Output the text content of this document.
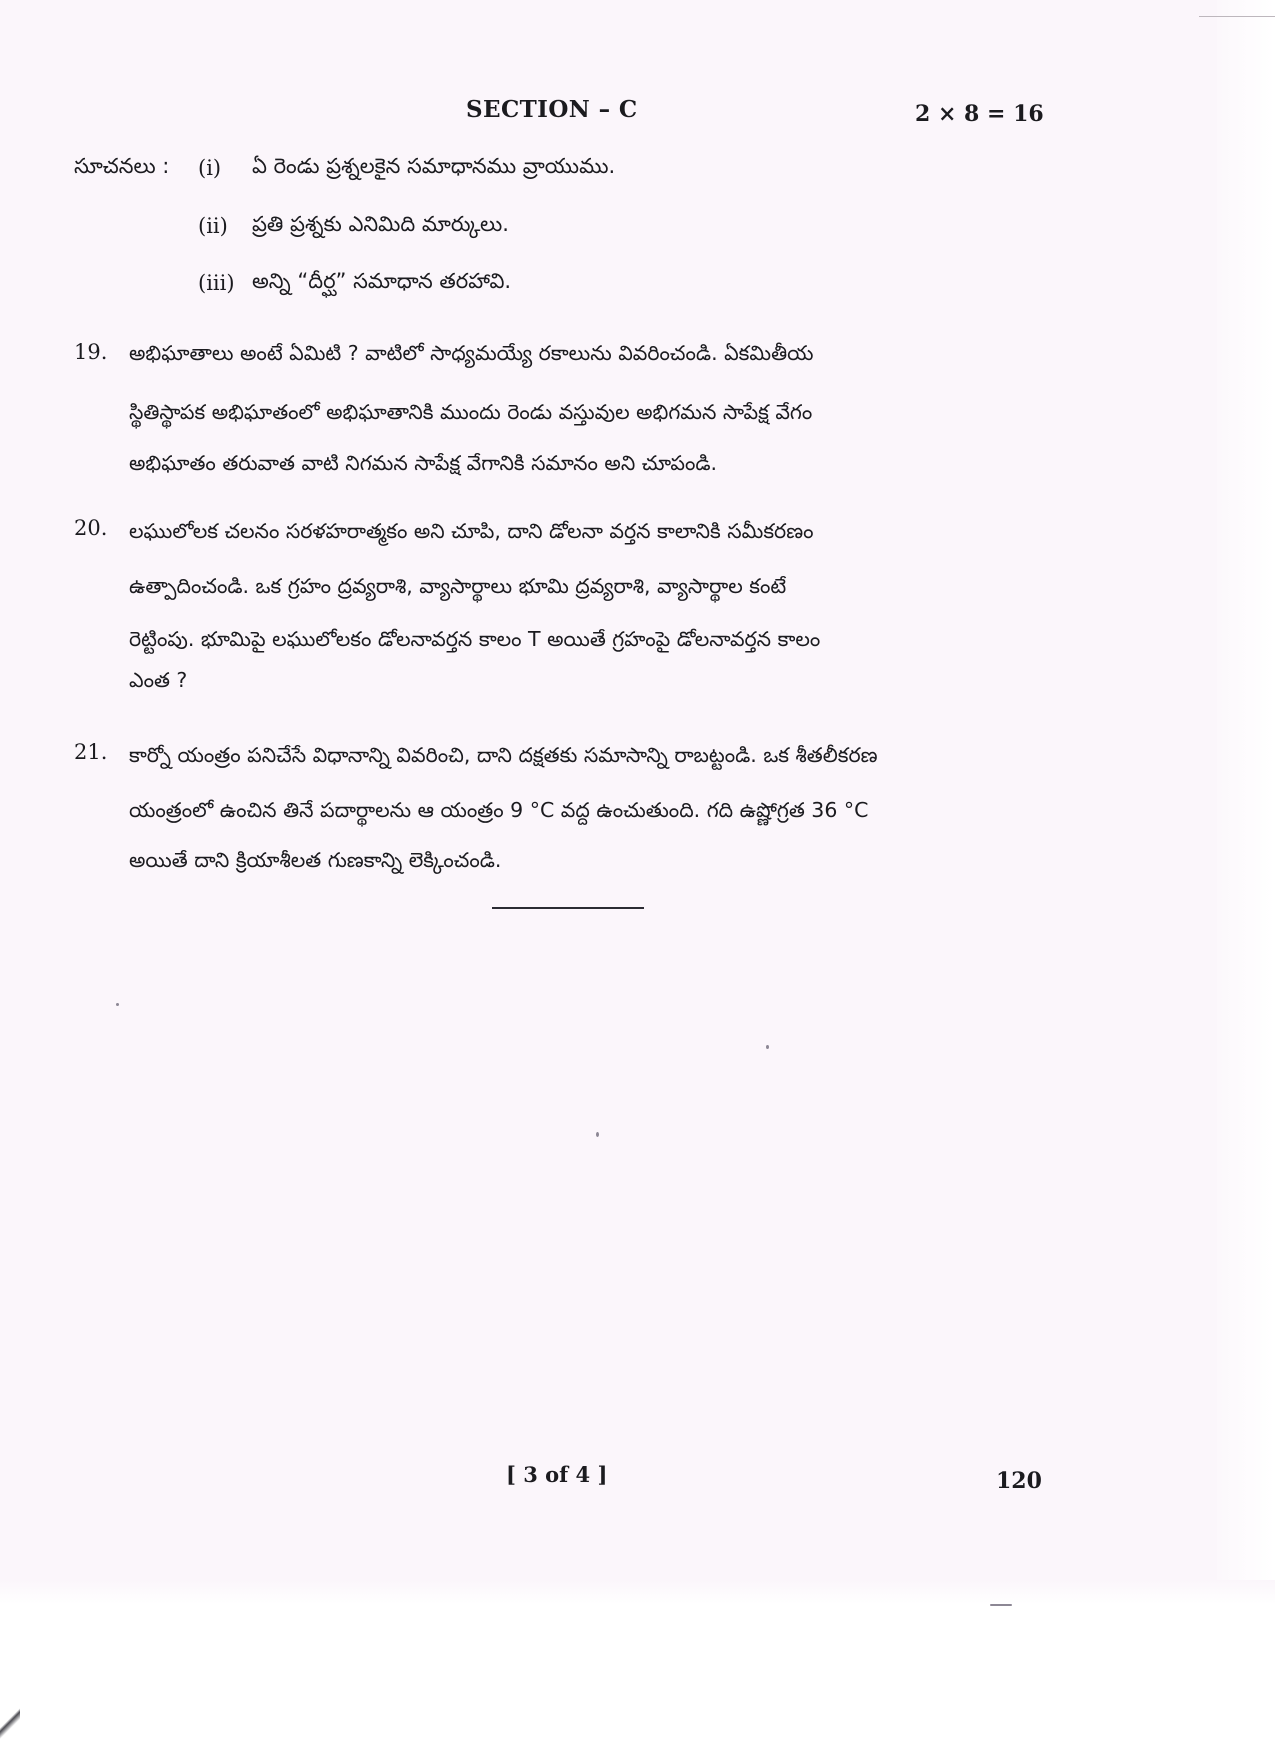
SECTION – C	2 × 8 = 16
సూచనలు : (i) ఏ రెండు ప్రశ్నలకైన సమాధానము వ్రాయుము.
(ii) ప్రతి ప్రశ్నకు ఎనిమిది మార్కులు.
(iii) అన్ని “దీర్ఘ” సమాధాన తరహావి.
19. అభిఘాతాలు అంటే ఏమిటి ? వాటిలో సాధ్యమయ్యే రకాలును వివరించండి. ఏకమితీయ
స్థితిస్థాపక అభిఘాతంలో అభిఘాతానికి ముందు రెండు వస్తువుల అభిగమన సాపేక్ష వేగం
అభిఘాతం తరువాత వాటి నిగమన సాపేక్ష వేగానికి సమానం అని చూపండి.
20. లఘులోలక చలనం సరళహరాత్మకం అని చూపి, దాని డోలనా వర్తన కాలానికి సమీకరణం
ఉత్పాదించండి. ఒక గ్రహం ద్రవ్యరాశి, వ్యాసార్థాలు భూమి ద్రవ్యరాశి, వ్యాసార్థాల కంటే
రెట్టింపు. భూమిపై లఘులోలకం డోలనావర్తన కాలం T అయితే గ్రహంపై డోలనావర్తన కాలం
ఎంత ?
21. కార్నో యంత్రం పనిచేసే విధానాన్ని వివరించి, దాని దక్షతకు సమాసాన్ని రాబట్టండి. ఒక శీతలీకరణ
యంత్రంలో ఉంచిన తినే పదార్థాలను ఆ యంత్రం 9 °C వద్ద ఉంచుతుంది. గది ఉష్ణోగ్రత 36 °C
అయితే దాని క్రియాశీలత గుణకాన్ని లెక్కించండి.
[ 3 of 4 ]	120
